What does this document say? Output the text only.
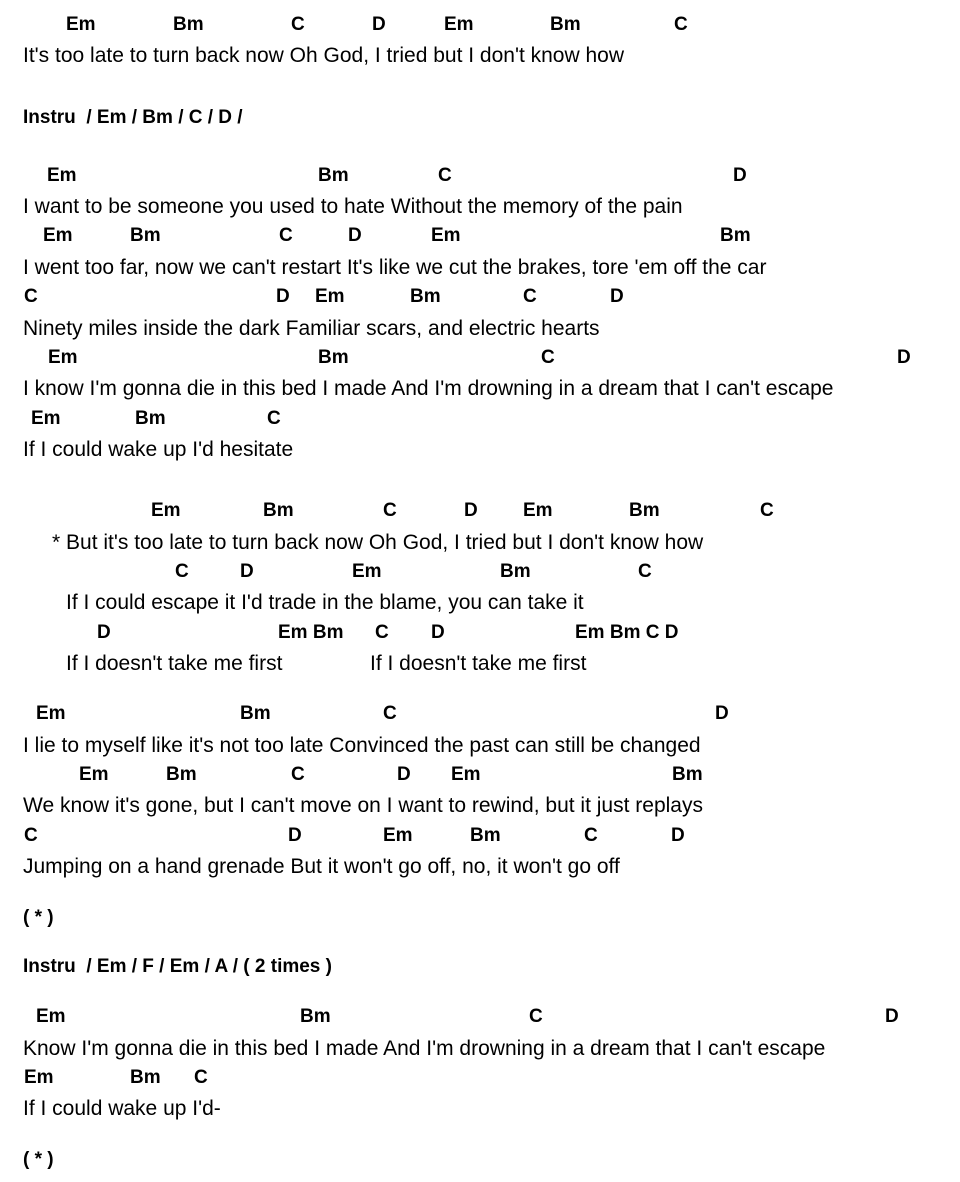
Em	Bm	C	D	Em	Bm	C
It's too late to turn back now Oh God, I tried but I don't know how
Instru  / Em / Bm / C / D /
Em	Bm	C	D
I want to be someone you used to hate Without the memory of the pain
Em	Bm	C	D	Em	Bm
I went too far, now we can't restart It's like we cut the brakes, tore 'em off the car
C	D Em	Bm	C	D
Ninety miles inside the dark Familiar scars, and electric hearts
Em	Bm	C	D
I know I'm gonna die in this bed I made And I'm drowning in a dream that I can't escape
Em	Bm	C
If I could wake up I'd hesitate
Em	Bm	C	D Em	Bm	C
* But it's too late to turn back now Oh God, I tried but I don't know how
C	D	Em	Bm	C
If I could escape it I'd trade in the blame, you can take it
D	Em Bm C D	Em Bm C D
If I doesn't take me first	If I doesn't take me first
Em	Bm	C	D
I lie to myself like it's not too late Convinced the past can still be changed
Em	Bm	C	D Em	Bm
We know it's gone, but I can't move on I want to rewind, but it just replays
C	D	Em	Bm	C	D
Jumping on a hand grenade But it won't go off, no, it won't go off
( * )
Instru  / Em / F / Em / A / ( 2 times )
Em	Bm	C	D
Know I'm gonna die in this bed I made And I'm drowning in a dream that I can't escape
Em	Bm C
If I could wake up I'd-
( * )
